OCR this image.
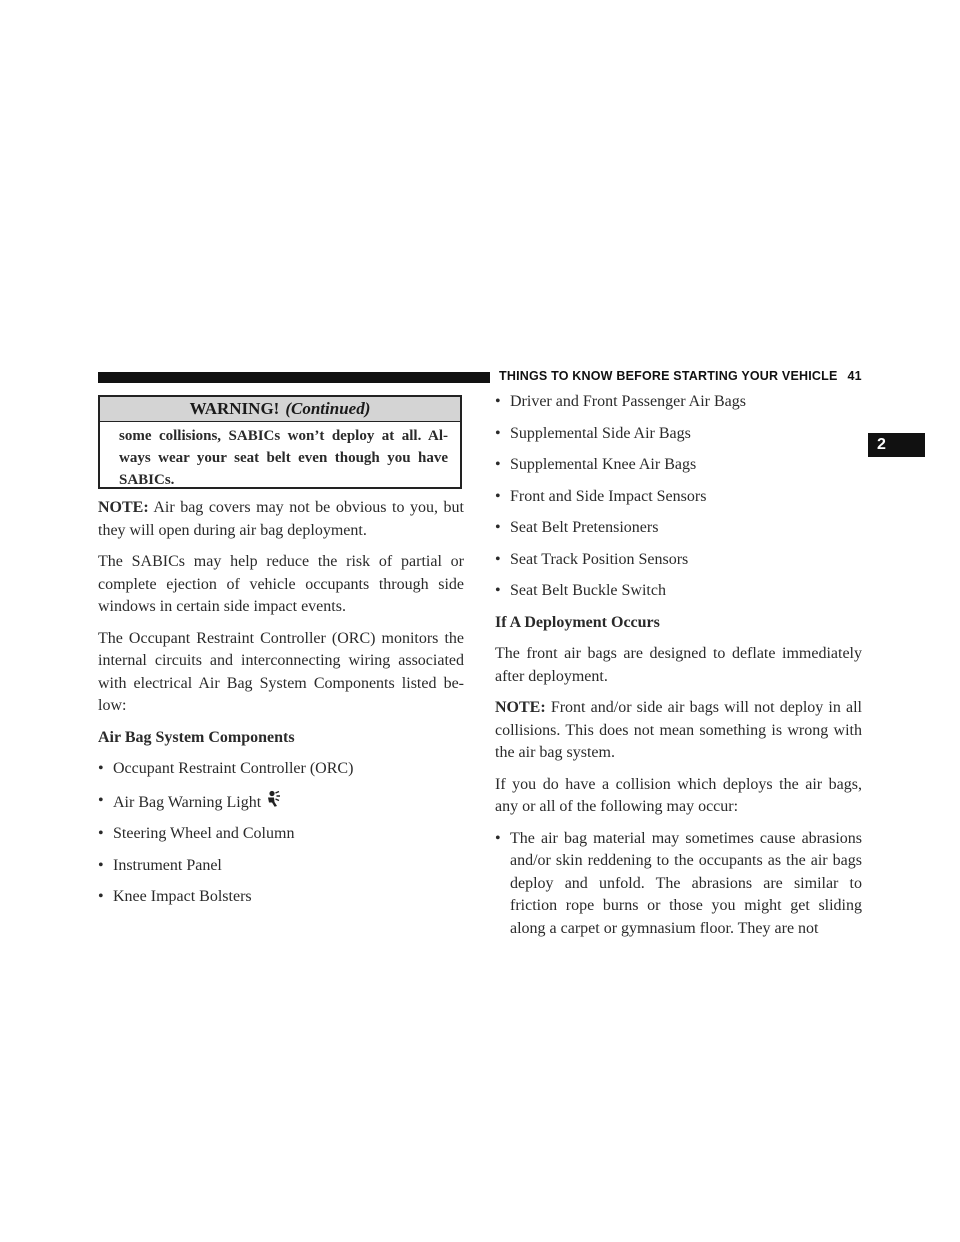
THINGS TO KNOW BEFORE STARTING YOUR VEHICLE 41
2
WARNING! (Continued)
some collisions, SABICs won’t deploy at all. Al-ways wear your seat belt even though you have SABICs.

NOTE: Air bag covers may not be obvious to you, but they will open during air bag deployment.

The SABICs may help reduce the risk of partial or complete ejection of vehicle occupants through side windows in certain side impact events.

The Occupant Restraint Controller (ORC) monitors the internal circuits and interconnecting wiring associated with electrical Air Bag System Components listed be-low:

Air Bag System Components

• Occupant Restraint Controller (ORC)
• Air Bag Warning Light
• Steering Wheel and Column
• Instrument Panel
• Knee Impact Bolsters
• Driver and Front Passenger Air Bags
• Supplemental Side Air Bags
• Supplemental Knee Air Bags
• Front and Side Impact Sensors
• Seat Belt Pretensioners
• Seat Track Position Sensors
• Seat Belt Buckle Switch

If A Deployment Occurs

The front air bags are designed to deflate immediately after deployment.

NOTE: Front and/or side air bags will not deploy in all collisions. This does not mean something is wrong with the air bag system.

If you do have a collision which deploys the air bags, any or all of the following may occur:

• The air bag material may sometimes cause abrasions and/or skin reddening to the occupants as the air bags deploy and unfold. The abrasions are similar to friction rope burns or those you might get sliding along a carpet or gymnasium floor. They are not
